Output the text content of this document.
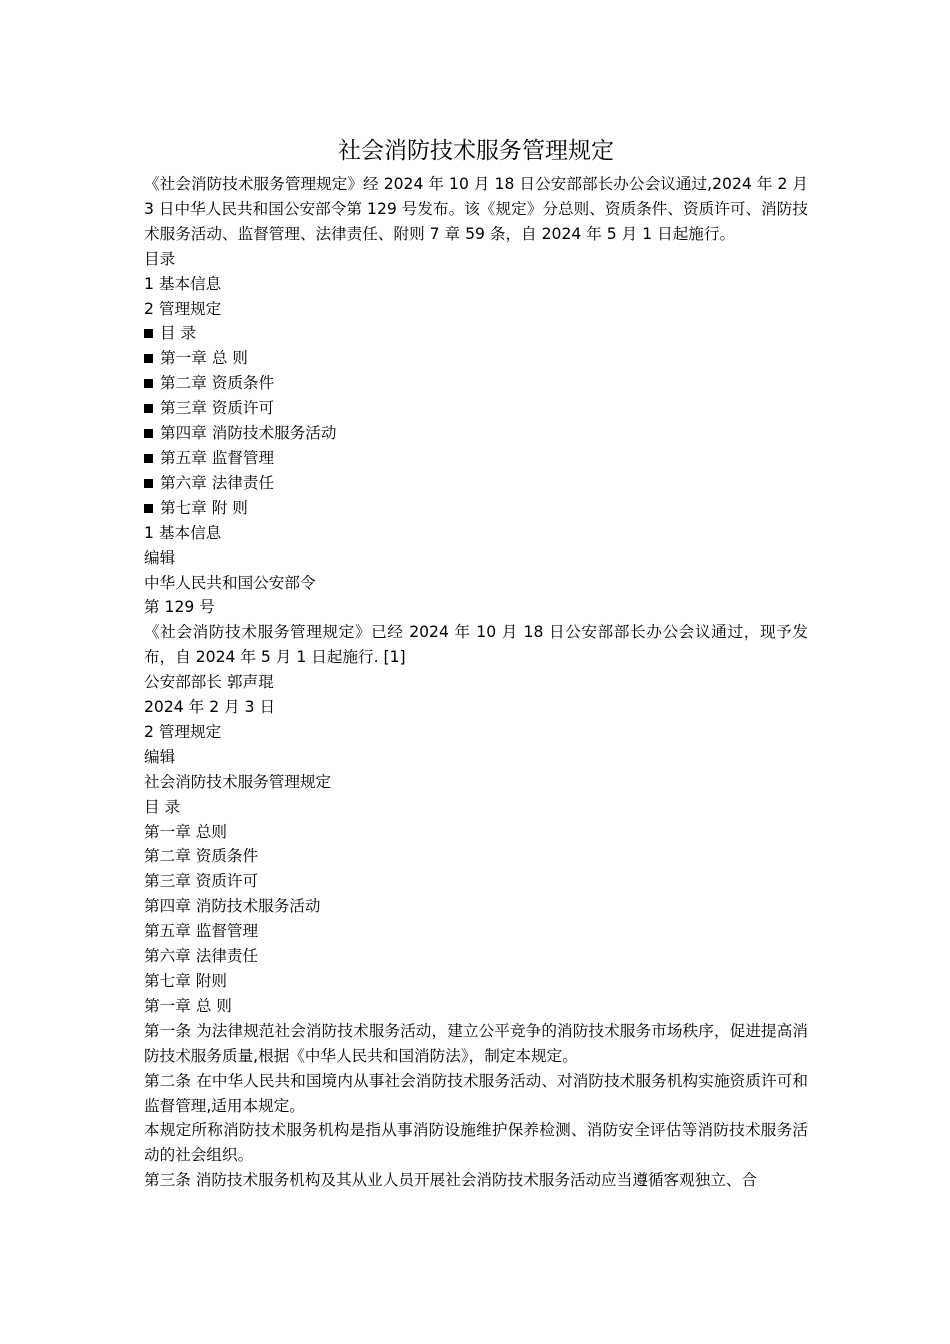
社会消防技术服务管理规定
《社会消防技术服务管理规定》经 2024 年 10 月 18 日公安部部长办公会议通过,2024 年 2 月 3 日中华人民共和国公安部令第 129 号发布。该《规定》分总则、资质条件、资质许可、消防技术服务活动、监督管理、法律责任、附则 7 章 59 条，自 2024 年 5 月 1 日起施行。
目录
1 基本信息
2 管理规定
目 录
第一章 总 则
第二章 资质条件
第三章 资质许可
第四章 消防技术服务活动
第五章 监督管理
第六章 法律责任
第七章 附 则
1 基本信息
编辑
中华人民共和国公安部令
第 129 号
《社会消防技术服务管理规定》已经 2024 年 10 月 18 日公安部部长办公会议通过，现予发布，自 2024 年 5 月 1 日起施行. [1]
公安部部长 郭声琨
2024 年 2 月 3 日
2 管理规定
编辑
社会消防技术服务管理规定
目 录
第一章 总则
第二章 资质条件
第三章 资质许可
第四章 消防技术服务活动
第五章 监督管理
第六章 法律责任
第七章 附则
第一章 总 则
第一条 为法律规范社会消防技术服务活动，建立公平竞争的消防技术服务市场秩序，促进提高消防技术服务质量,根据《中华人民共和国消防法》，制定本规定。
第二条 在中华人民共和国境内从事社会消防技术服务活动、对消防技术服务机构实施资质许可和监督管理,适用本规定。
本规定所称消防技术服务机构是指从事消防设施维护保养检测、消防安全评估等消防技术服务活动的社会组织。
第三条 消防技术服务机构及其从业人员开展社会消防技术服务活动应当遵循客观独立、合
